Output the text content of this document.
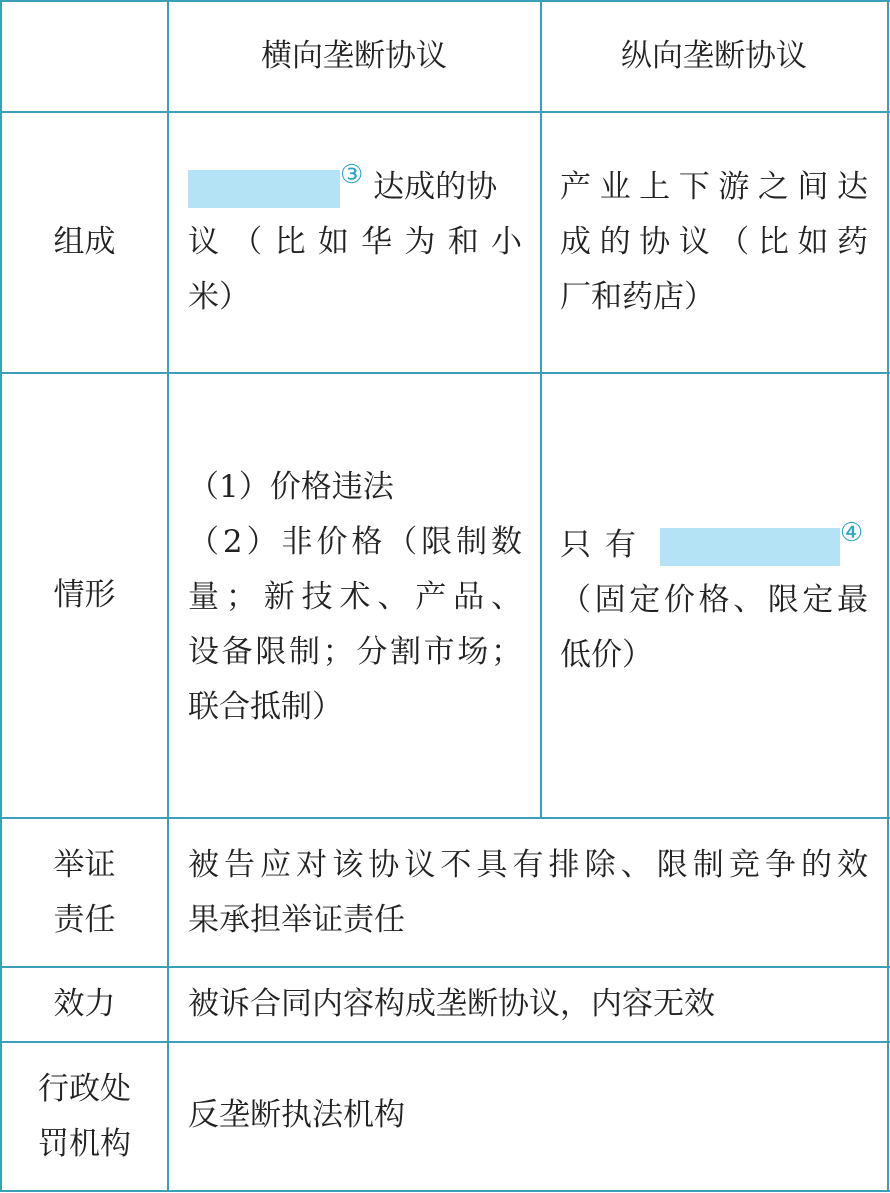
横向垄断协议	纵向垄断协议
组成
③ 达成的协
议（比如华为和小
米）
产业上下游之间达
成的协议（比如药
厂和药店）
情形
（1）价格违法
（2）非价格（限制数
量；新技术、产品、
设备限制；分割市场；
联合抵制）
只有	④
（固定价格、限定最
低价）
举证
责任
被告应对该协议不具有排除、限制竞争的效
果承担举证责任
效力 被诉合同内容构成垄断协议，内容无效
行政处
罚机构
反垄断执法机构
